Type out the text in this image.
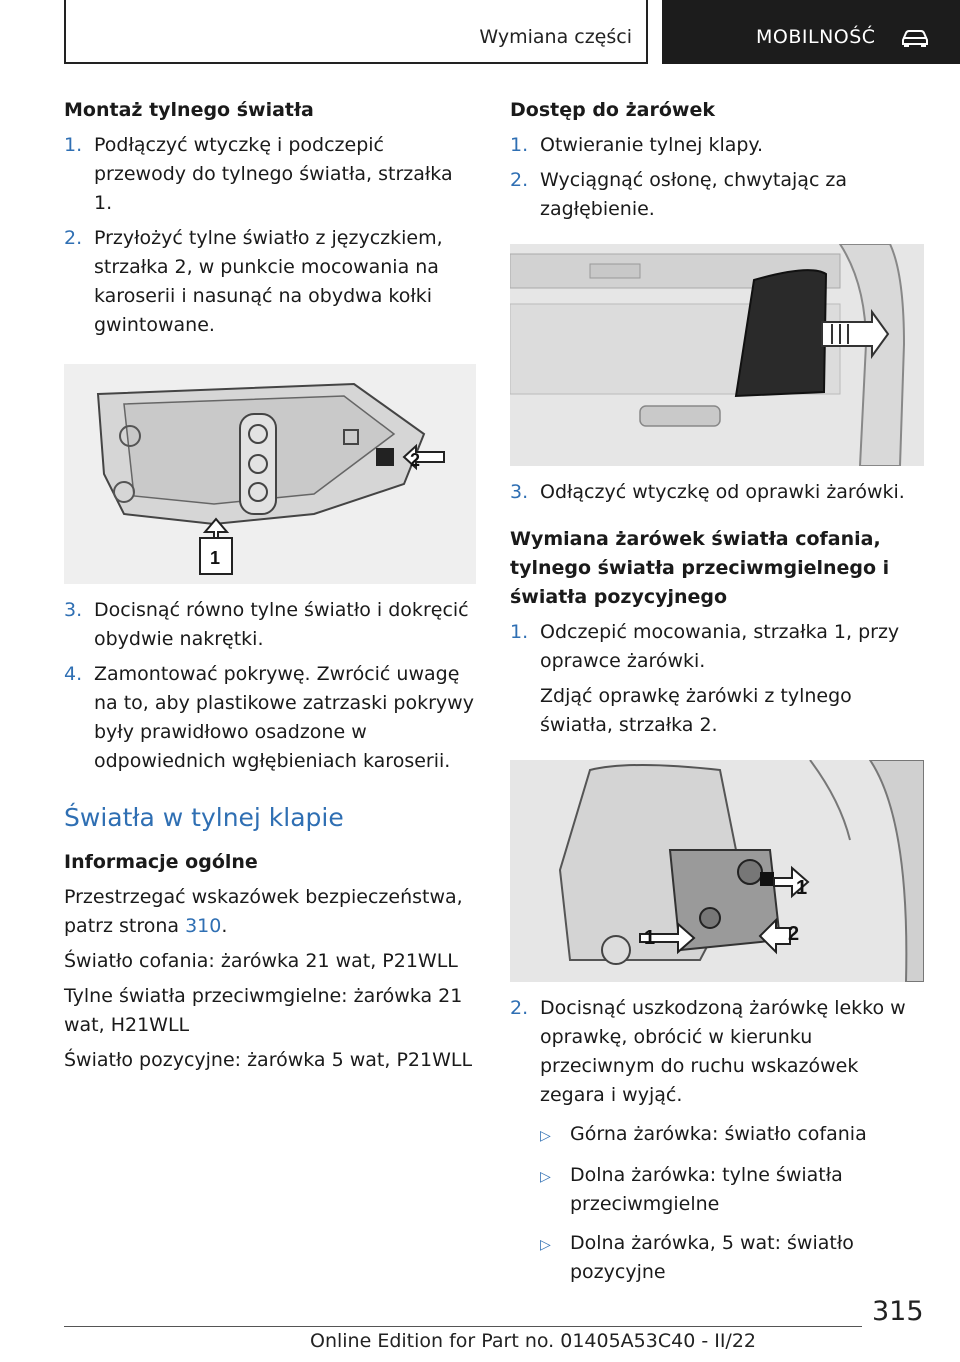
Wymiana części	MOBILNOŚĆ

Montaż tylnego światła

1. Podłączyć wtyczkę i podczepić przewody do tylnego światła, strzałka 1.
2. Przyłożyć tylne światło z języczkiem, strzałka 2, w punkcie mocowania na karoserii i nasunąć na obydwa kołki gwintowane.
2
1
3. Docisnąć równo tylne światło i dokręcić obydwie nakrętki.
4. Zamontować pokrywę. Zwrócić uwagę na to, aby plastikowe zatrzaski pokrywy były prawidłowo osadzone w odpowiednich wgłębieniach karoserii.
Światła w tylnej klapie

Informacje ogólne

Przestrzegać wskazówek bezpieczeństwa, patrz strona 310.

Światło cofania: żarówka 21 wat, P21WLL

Tylne światła przeciwmgielne: żarówka 21 wat, H21WLL

Światło pozycyjne: żarówka 5 wat, P21WLL

Dostęp do żarówek

1. Otwieranie tylnej klapy.
2. Wyciągnąć osłonę, chwytając za zagłębienie.
3. Odłączyć wtyczkę od oprawki żarówki.

Wymiana żarówek światła cofania, tylnego światła przeciwmgielnego i światła pozycyjnego

1. Odczepić mocowania, strzałka 1, przy oprawce żarówki.

Zdjąć oprawkę żarówki z tylnego światła, strzałka 2.

1
1	2
2. Docisnąć uszkodzoną żarówkę lekko w oprawkę, obrócić w kierunku przeciwnym do ruchu wskazówek zegara i wyjąć.
▷	Górna żarówka: światło cofania
▷	Dolna żarówka: tylne światła przeciwmgielne
▷	Dolna żarówka, 5 wat: światło pozycyjne
315
Online Edition for Part no. 01405A53C40 - II/22
